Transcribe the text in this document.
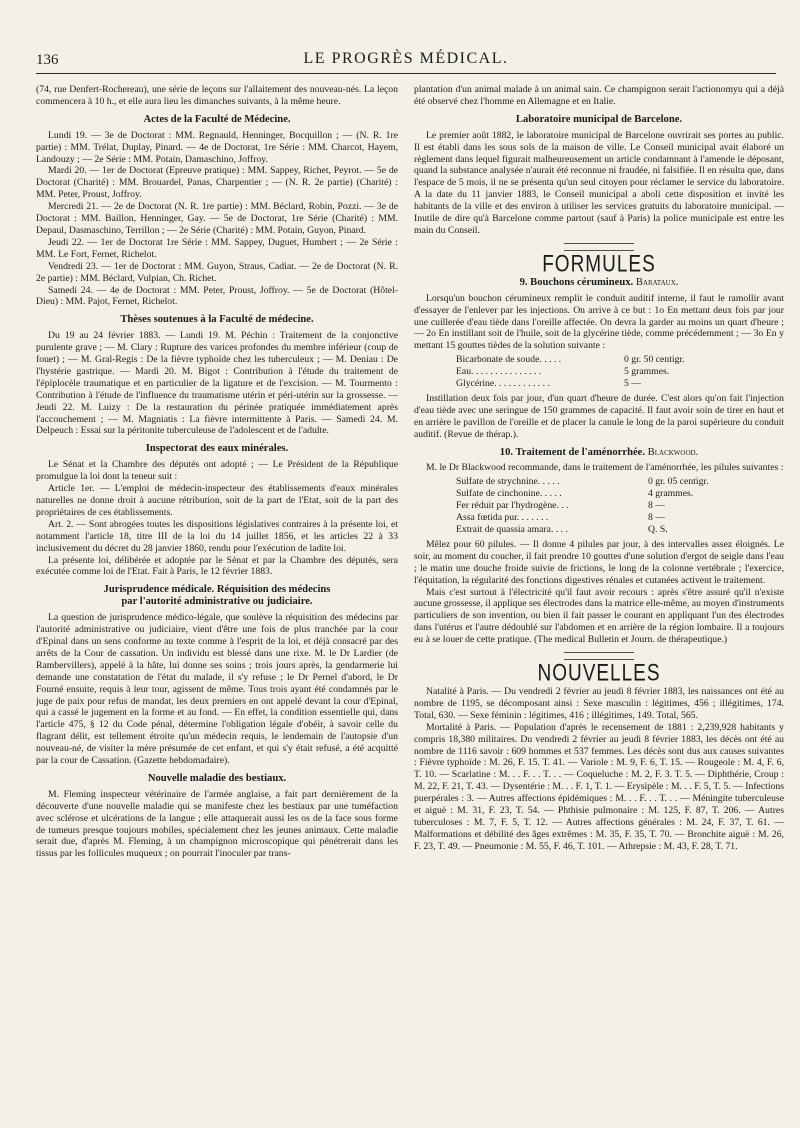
136	LE PROGRÈS MÉDICAL.

(74, rue Denfert-Rochereau), une série de leçons sur l'allaitement des nouveau-nés. La leçon commencera à 10 h., et elle aura lieu les dimanches suivants, à la même heure.

Actes de la Faculté de Médecine.

Lundi 19. — 3e de Doctorat : MM. Regnauld, Henninger, Bocquillon ; — (N. R. 1re partie) : MM. Trélat, Duplay, Pinard. — 4e de Doctorat, 1re Série : MM. Charcot, Hayem, Landouzy ; — 2e Série : MM. Potain, Damaschino, Joffroy.

Mardi 20. — 1er de Doctorat (Epreuve pratique) : MM. Sappey, Richet, Peyrot. — 5e de Doctorat (Charité) : MM. Brouardel, Panas, Charpentier ; — (N. R. 2e partie) (Charité) : MM. Peter, Proust, Joffroy.

Mercredi 21. — 2e de Doctorat (N. R. 1re partie) : MM. Béclard, Robin, Pozzi. — 3e de Doctorat : MM. Baillon, Henninger, Gay. — 5e de Doctorat, 1re Série (Charité) : MM. Depaul, Dasmaschino, Terrillon ; — 2e Série (Charité) : MM. Potain, Guyon, Pinard.

Jeudi 22. — 1er de Doctorat 1re Série : MM. Sappey, Duguet, Humbert ; — 2e Série : MM. Le Fort, Fernet, Richelot.

Vendredi 23. — 1er de Doctorat : MM. Guyon, Straus, Cadiat. — 2e de Doctorat (N. R. 2e partie) : MM. Béclard, Vulpian, Ch. Richet.

Samedi 24. — 4e de Doctorat : MM. Peter, Proust, Joffroy. — 5e de Doctorat (Hôtel-Dieu) : MM. Pajot, Fernet, Richelot.

Thèses soutenues à la Faculté de médecine.

Du 19 au 24 février 1883. — Lundi 19. M. Péchin : Traitement de la conjonctive purulente grave ; — M. Clary : Rupture des varices profondes du membre inférieur (coup de fouet) ; — M. Gral-Regis : De la fièvre typhoïde chez les tuberculeux ; — M. Deniau : De l'hystérie gastrique. — Mardi 20. M. Bigot : Contribution à l'étude du traitement de l'épiplocèle traumatique et en particulier de la ligature et de l'excision. — M. Tourmento : Contribution à l'étude de l'influence du traumatisme utérin et péri-utérin sur la grossesse. — Jeudi 22. M. Luizy : De la restauration du périnée pratiquée immédiatement après l'accouchement ; — M. Magniatis : La fièvre intermittente à Paris. — Samedi 24. M. Delpeuch : Essai sur la péritonite tuberculeuse de l'adolescent et de l'adulte.

Inspectorat des eaux minérales.

Le Sénat et la Chambre des députés ont adopté ; — Le Président de la République promulgue la loi dont la teneur suit :

Article 1er. — L'emploi de médecin-inspecteur des établissements d'eaux minérales naturelles ne donne droit à aucune rétribution, soit de la part de l'Etat, soit de la part des propriétaires de ces établissements.

Art. 2. — Sont abrogées toutes les dispositions législatives contraires à la présente loi, et notamment l'article 18, titre III de la loi du 14 juillet 1856, et les articles 22 à 33 inclusivement du décret du 28 janvier 1860, rendu pour l'exécution de ladite loi.

La présente loi, délibérée et adoptée par le Sénat et par la Chambre des députés, sera exécutée comme loi de l'Etat. Fait à Paris, le 12 février 1883.

Jurisprudence médicale. Réquisition des médecins
par l'autorité administrative ou judiciaire.

La question de jurisprudence médico-légale, que soulève la réquisition des médecins par l'autorité administrative ou judiciaire, vient d'être une fois de plus tranchée par la cour d'Epinal dans un sens conforme au texte comme à l'esprit de la loi, et déjà consacré par des arrêts de la Cour de cassation. Un individu est blessé dans une rixe. M. le Dr Lardier (de Rambervillers), appelé à la hâte, lui donne ses soins ; trois jours après, la gendarmerie lui demande une constatation de l'état du malade, il s'y refuse ; le Dr Pernel d'abord, le Dr Fourné ensuite, requis à leur tour, agissent de même. Tous trois ayant été condamnés par le juge de paix pour refus de mandat, les deux premiers en ont appelé devant la cour d'Epinal, qui a cassé le jugement en la forme et au fond. — En effet, la condition essentielle qui, dans l'article 475, § 12 du Code pénal, détermine l'obligation légale d'obéir, à savoir celle du flagrant délit, est tellement étroite qu'un médecin requis, le lendemain de l'autopsie d'un nouveau-né, de visiter la mère présumée de cet enfant, et qui s'y était refusé, a été acquitté par la cour de Cassation. (Gazette hebdomadaire).

Nouvelle maladie des bestiaux.

M. Fleming inspecteur vétérinaire de l'armée anglaise, a fait part dernièrement de la découverte d'une nouvelle maladie qui se manifeste chez les bestiaux par une tuméfaction avec sclérose et ulcérations de la langue ; elle attaquerait aussi les os de la face sous forme de tumeurs presque toujours mobiles, spécialement chez les jeunes animaux. Cette maladie serait due, d'après M. Fleming, à un champignon microscopique qui pénétrerait dans les tissus par les follicules muqueux ; on pourrait l'inoculer par trans-

plantation d'un animal malade à un animal sain. Ce champignon serait l'actionomyu qui a déjà été observé chez l'homme en Allemagne et en Italie.

Laboratoire municipal de Barcelone.

Le premier août 1882, le laboratoire municipal de Barcelone ouvrirait ses portes au public. Il est établi dans les sous sols de la maison de ville. Le Conseil municipal avait élaboré un règlement dans lequel figurait malheureusement un article condamnant à l'amende le déposant, quand la substance analysée n'aurait été reconnue ni fraudée, ni falsifiée. Il en résulta que, dans l'espace de 5 mois, il ne se présenta qu'un seul citoyen pour réclamer le service du laboratoire. A la date du 11 janvier 1883, le Conseil municipal a aboli cette disposition et invité les habitants de la ville et des environ à utiliser les services gratuits du laboratoire municipal. — Inutile de dire qu'à Barcelone comme partout (sauf à Paris) la police municipale est entre les main du Conseil.

FORMULES
9. Bouchons cérumineux. Barataux.

Lorsqu'un bouchon cérumineux remplit le conduit auditif interne, il faut le ramollir avant d'essayer de l'enlever par les injections. On arrive à ce but : 1o En mettant deux fois par jour une cuillerée d'eau tiède dans l'oreille affectée. On devra la garder au moins un quart d'heure ; — 2o En instillant soit de l'huile, soit de la glycérine tiède, comme précédemment ; — 3o En y mettant 15 gouttes tièdes de la solution suivante :

Bicarbonate de soude. . . . .	0 gr. 50 centigr.
Eau. . . . . . . . . . . . . . .	5 grammes.
Glycérine. . . . . . . . . . . .	5 —

Instillation deux fois par jour, d'un quart d'heure de durée. C'est alors qu'on fait l'injection d'eau tiède avec une seringue de 150 grammes de capacité. Il faut avoir soin de tirer en haut et en arrière le pavillon de l'oreille et de placer la canule le long de la paroi supérieure du conduit auditif. (Revue de thérap.).

10. Traitement de l'aménorrhée. Blackwood.

M. le Dr Blackwood recommande, dans le traitement de l'aménorrhée, les pilules suivantes :

Sulfate de strychnine. . . . .	0 gr. 05 centigr.
Sulfate de cinchonine. . . . .	4 grammes.
Fer réduit par l'hydrogène. . .	8 —
Assa fœtida pur. . . . . . .	8 —
Extrait de quassia amara. . . .	Q. S.

Mêlez pour 60 pilules. — Il donne 4 pilules par jour, à des intervalles assez éloignés. Le soir, au moment du coucher, il fait prendre 10 gouttes d'une solution d'ergot de seigle dans l'eau ; le matin une douche froide suivie de frictions, le long de la colonne vertébrale ; l'exercice, l'équitation, la régularité des fonctions digestives rénales et cutanées activent le traitement.

Mais c'est surtout à l'électricité qu'il faut avoir recours : après s'être assuré qu'il n'existe aucune grossesse, il applique ses électrodes dans la matrice elle-même, au moyen d'instruments particuliers de son invention, ou bien il fait passer le courant en appliquant l'un des électrodes dans l'utérus et l'autre dédoublé sur l'abdomen et en arrière de la région lombaire. Il a toujours eu à se louer de cette pratique. (The medical Bulletin et Journ. de thérapeutique.)

NOUVELLES

Natalité à Paris. — Du vendredi 2 février au jeudi 8 février 1883, les naissances ont été au nombre de 1195, se décomposant ainsi : Sexe masculin : légitimes, 456 ; illégitimes, 174. Total, 630. — Sexe féminin : légitimes, 416 ; illégitimes, 149. Total, 565.

Mortalité à Paris. — Population d'après le recensement de 1881 : 2,239,928 habitants y compris 18,380 militaires. Du vendredi 2 février au jeudi 8 février 1883, les décès ont été au nombre de 1116 savoir : 609 hommes et 537 femmes. Les décès sont dus aux causes suivantes : Fièvre typhoïde : M. 26, F. 15. T. 41. — Variole : M. 9, F. 6, T. 15. — Rougeole : M. 4, F. 6, T. 10. — Scarlatine : M. . . F. . . T. . . — Coqueluche : M. 2, F. 3. T. 5. — Diphthérie, Croup : M. 22, F. 21, T. 43. — Dysentérie : M. . . F. 1, T. 1. — Erysipèle : M. . . F. 5, T. 5. — Infections puerpérales : 3. — Autres affections épidémiques : M. . . F. . . T. . . — Méningite tuberculeuse et aiguë : M. 31, F. 23, T. 54. — Phthisie pulmonaire : M. 125, F. 87, T. 206. — Autres tuberculoses : M. 7, F. 5, T. 12. — Autres affections générales : M. 24, F. 37, T. 61. — Malformations et débilité des âges extrêmes : M. 35, F. 35, T. 70. — Bronchite aiguë : M. 26, F. 23, T. 49. — Pneumonie : M. 55, F. 46, T. 101. — Athrepsie : M. 43, F. 28, T. 71.
